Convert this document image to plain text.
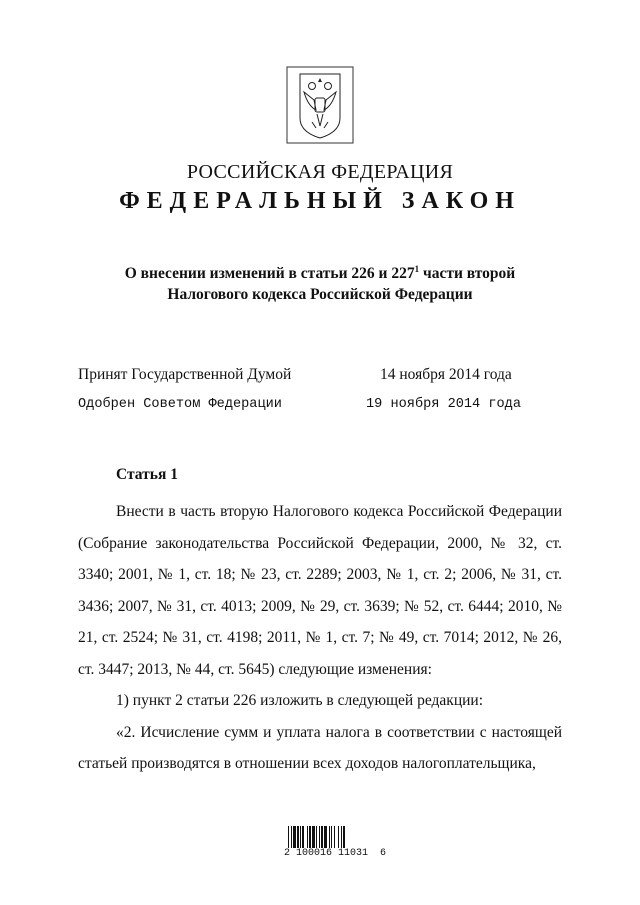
РОССИЙСКАЯ ФЕДЕРАЦИЯ
ФЕДЕРАЛЬНЫЙ ЗАКОН
О внесении изменений в статьи 226 и $227^1$ части второй
Налогового кодекса Российской Федерации
Принят Государственной Думой	14 ноября 2014 года
Одобрен Советом Федерации	19 ноября 2014 года
Статья 1

Внести в часть вторую Налогового кодекса Российской Федерации (Собрание законодательства Российской Федерации, 2000, № 32, ст. 3340; 2001, № 1, ст. 18; № 23, ст. 2289; 2003, № 1, ст. 2; 2006, № 31, ст. 3436; 2007, № 31, ст. 4013; 2009, № 29, ст. 3639; № 52, ст. 6444; 2010, № 21, ст. 2524; № 31, ст. 4198; 2011, № 1, ст. 7; № 49, ст. 7014; 2012, № 26, ст. 3447; 2013, № 44, ст. 5645) следующие изменения:

1) пункт 2 статьи 226 изложить в следующей редакции:

«2. Исчисление сумм и уплата налога в соответствии с настоящей статьей производятся в отношении всех доходов налогоплательщика,

2 100016 11031  6
